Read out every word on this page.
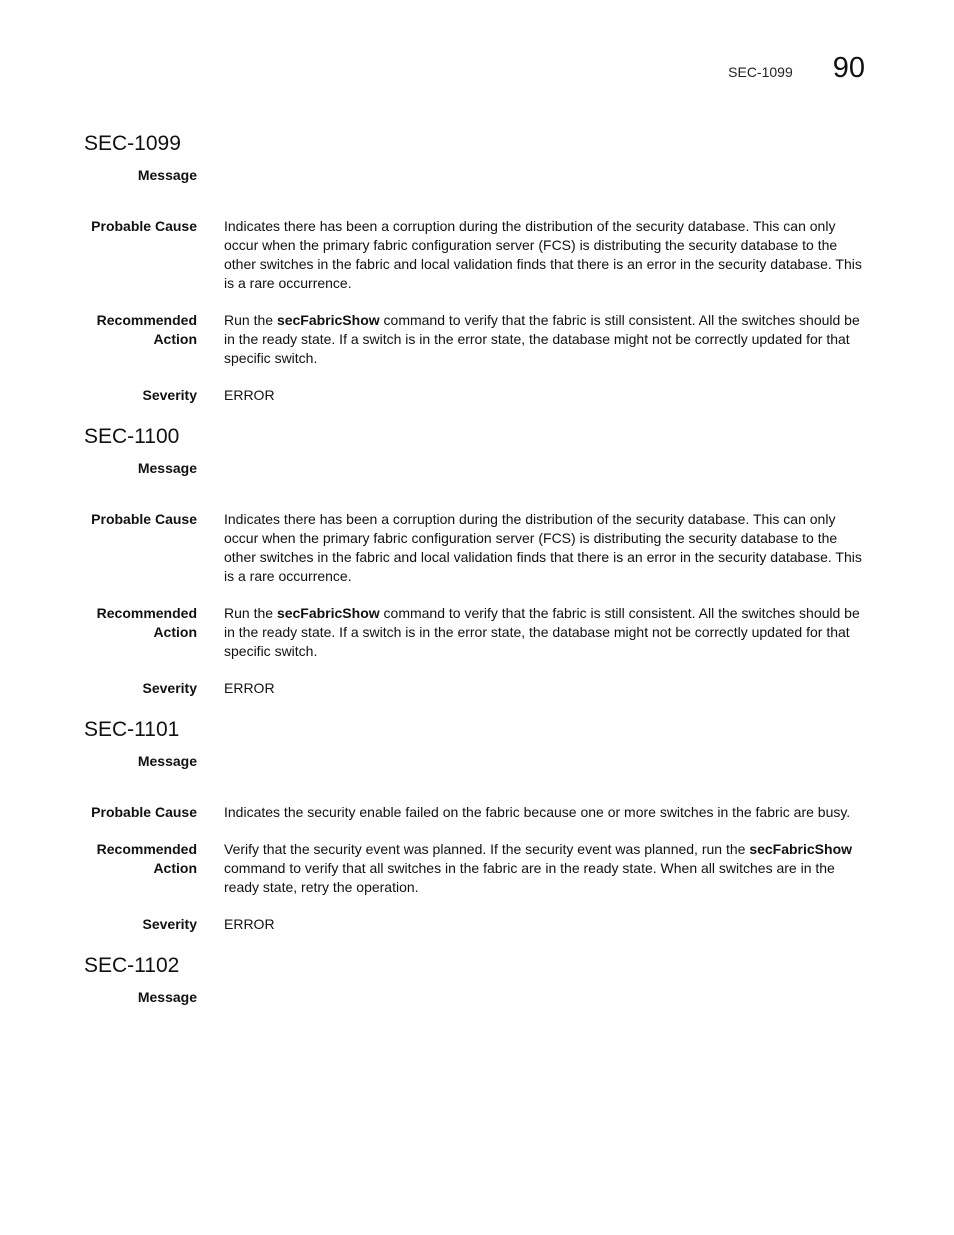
SEC-1099 90
SEC-1099
Message
Probable Cause Indicates there has been a corruption during the distribution of the security database. This can only occur when the primary fabric configuration server (FCS) is distributing the security database to the other switches in the fabric and local validation finds that there is an error in the security database. This is a rare occurrence.
Recommended
Action
Run the secFabricShow command to verify that the fabric is still consistent. All the switches should be in the ready state. If a switch is in the error state, the database might not be correctly updated for that specific switch.
Severity ERROR
SEC-1100
Message
Probable Cause Indicates there has been a corruption during the distribution of the security database. This can only occur when the primary fabric configuration server (FCS) is distributing the security database to the other switches in the fabric and local validation finds that there is an error in the security database. This is a rare occurrence.
Recommended
Action
Run the secFabricShow command to verify that the fabric is still consistent. All the switches should be in the ready state. If a switch is in the error state, the database might not be correctly updated for that specific switch.
Severity ERROR
SEC-1101
Message
Probable Cause Indicates the security enable failed on the fabric because one or more switches in the fabric are busy.
Recommended
Action
Verify that the security event was planned. If the security event was planned, run the secFabricShow command to verify that all switches in the fabric are in the ready state. When all switches are in the ready state, retry the operation.
Severity ERROR
SEC-1102
Message
